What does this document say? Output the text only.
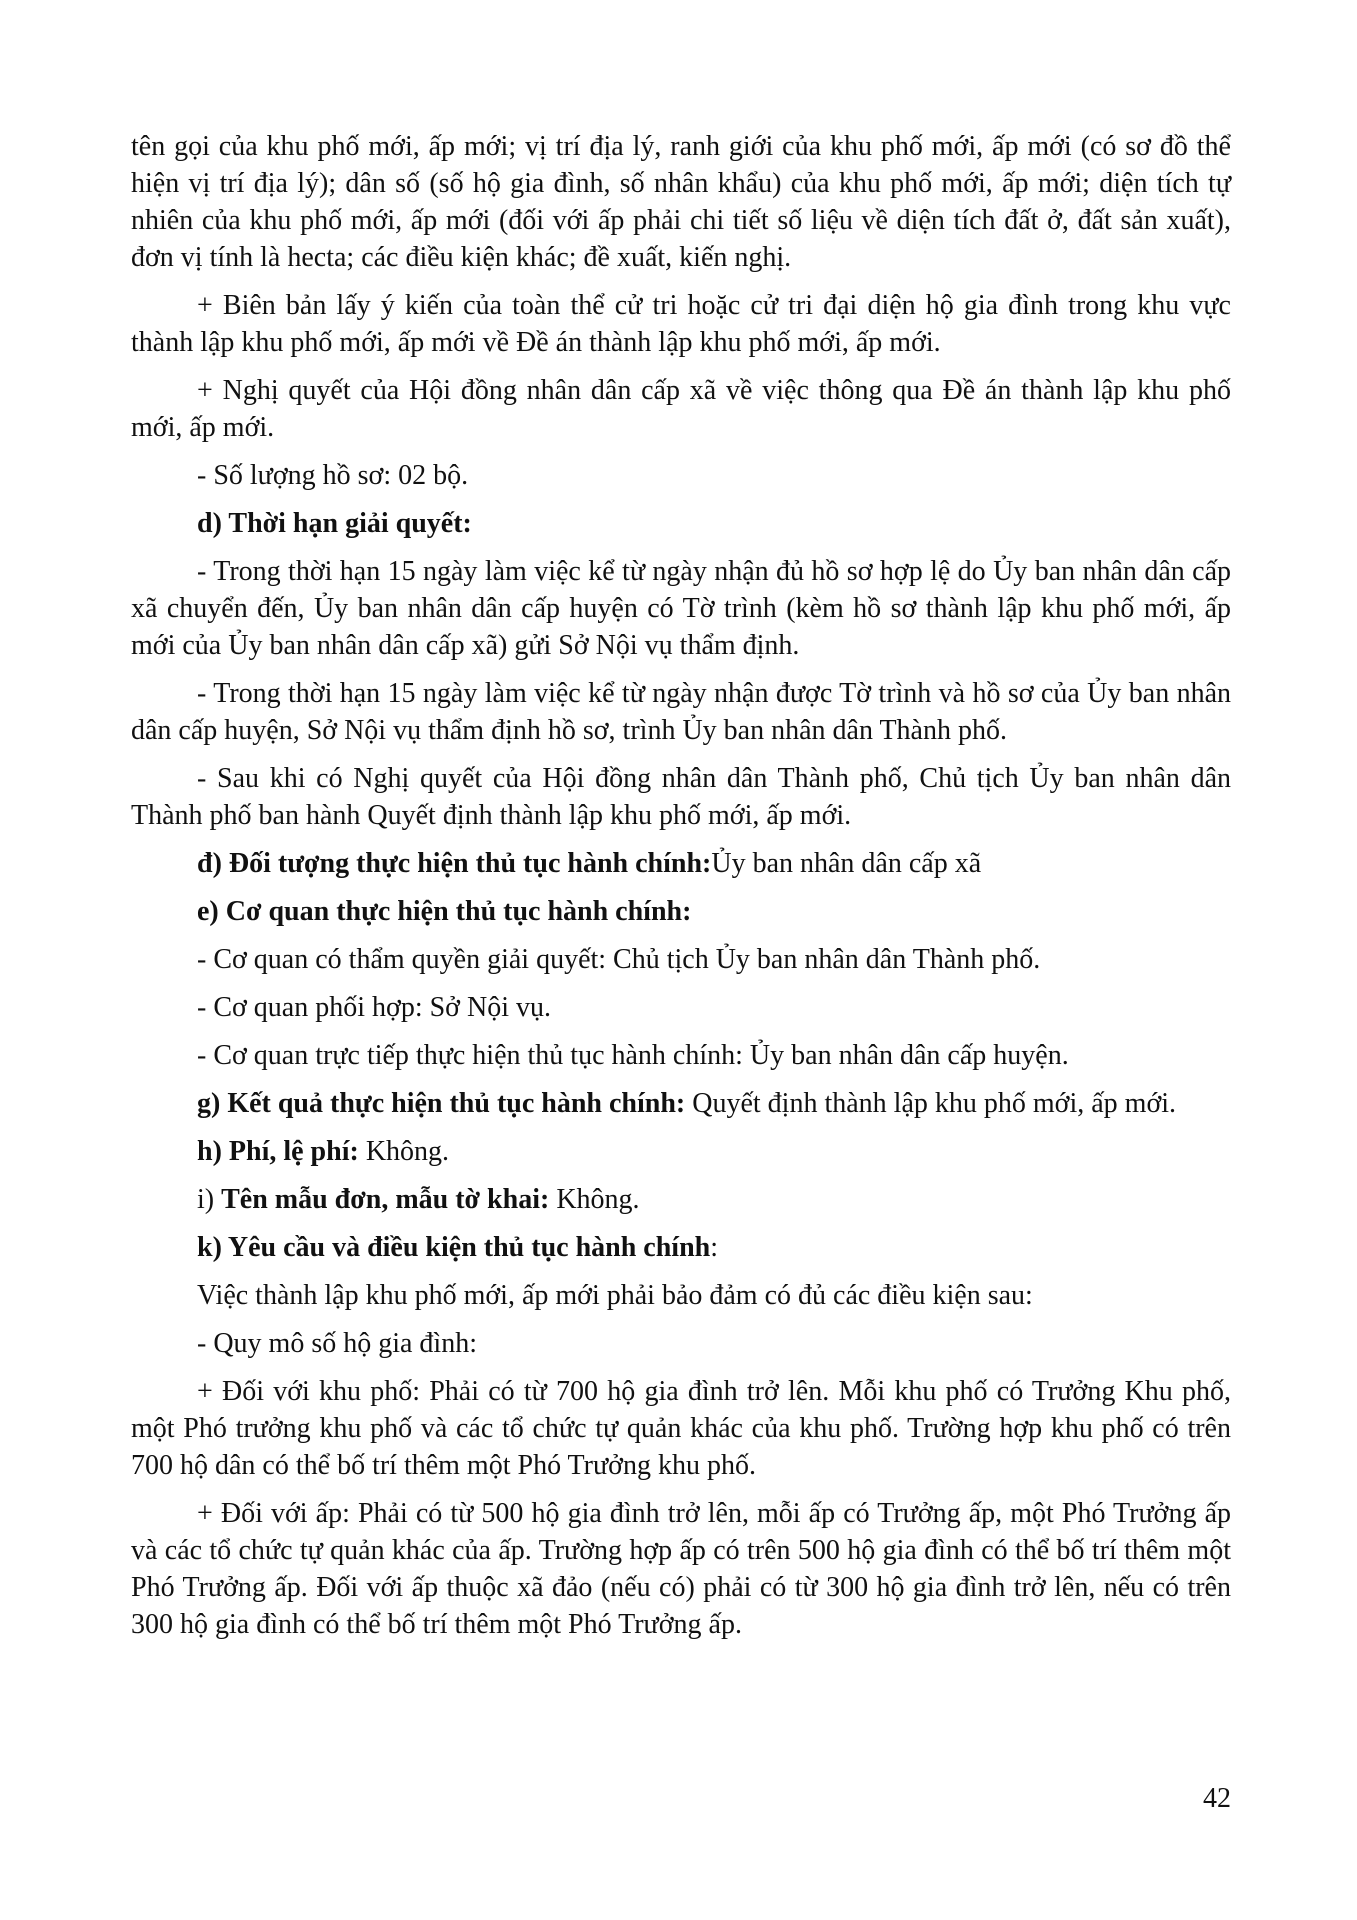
tên gọi của khu phố mới, ấp mới; vị trí địa lý, ranh giới của khu phố mới, ấp mới (có sơ đồ thể hiện vị trí địa lý); dân số (số hộ gia đình, số nhân khẩu) của khu phố mới, ấp mới; diện tích tự nhiên của khu phố mới, ấp mới (đối với ấp phải chi tiết số liệu về diện tích đất ở, đất sản xuất), đơn vị tính là hecta; các điều kiện khác; đề xuất, kiến nghị.

+ Biên bản lấy ý kiến của toàn thể cử tri hoặc cử tri đại diện hộ gia đình trong khu vực thành lập khu phố mới, ấp mới về Đề án thành lập khu phố mới, ấp mới.

+ Nghị quyết của Hội đồng nhân dân cấp xã về việc thông qua Đề án thành lập khu phố mới, ấp mới.

- Số lượng hồ sơ: 02 bộ.

d) Thời hạn giải quyết:

- Trong thời hạn 15 ngày làm việc kể từ ngày nhận đủ hồ sơ hợp lệ do Ủy ban nhân dân cấp xã chuyển đến, Ủy ban nhân dân cấp huyện có Tờ trình (kèm hồ sơ thành lập khu phố mới, ấp mới của Ủy ban nhân dân cấp xã) gửi Sở Nội vụ thẩm định.

- Trong thời hạn 15 ngày làm việc kể từ ngày nhận được Tờ trình và hồ sơ của Ủy ban nhân dân cấp huyện, Sở Nội vụ thẩm định hồ sơ, trình Ủy ban nhân dân Thành phố.

- Sau khi có Nghị quyết của Hội đồng nhân dân Thành phố, Chủ tịch Ủy ban nhân dân Thành phố ban hành Quyết định thành lập khu phố mới, ấp mới.

đ) Đối tượng thực hiện thủ tục hành chính:Ủy ban nhân dân cấp xã

e) Cơ quan thực hiện thủ tục hành chính:

- Cơ quan có thẩm quyền giải quyết: Chủ tịch Ủy ban nhân dân Thành phố.

- Cơ quan phối hợp: Sở Nội vụ.

- Cơ quan trực tiếp thực hiện thủ tục hành chính: Ủy ban nhân dân cấp huyện.

g) Kết quả thực hiện thủ tục hành chính: Quyết định thành lập khu phố mới, ấp mới.

h) Phí, lệ phí: Không.

i) Tên mẫu đơn, mẫu tờ khai: Không.

k) Yêu cầu và điều kiện thủ tục hành chính:

Việc thành lập khu phố mới, ấp mới phải bảo đảm có đủ các điều kiện sau:

- Quy mô số hộ gia đình:

+ Đối với khu phố: Phải có từ 700 hộ gia đình trở lên. Mỗi khu phố có Trưởng Khu phố, một Phó trưởng khu phố và các tổ chức tự quản khác của khu phố. Trường hợp khu phố có trên 700 hộ dân có thể bố trí thêm một Phó Trưởng khu phố.

+ Đối với ấp: Phải có từ 500 hộ gia đình trở lên, mỗi ấp có Trưởng ấp, một Phó Trưởng ấp và các tổ chức tự quản khác của ấp. Trường hợp ấp có trên 500 hộ gia đình có thể bố trí thêm một Phó Trưởng ấp. Đối với ấp thuộc xã đảo (nếu có) phải có từ 300 hộ gia đình trở lên, nếu có trên 300 hộ gia đình có thể bố trí thêm một Phó Trưởng ấp.

42
